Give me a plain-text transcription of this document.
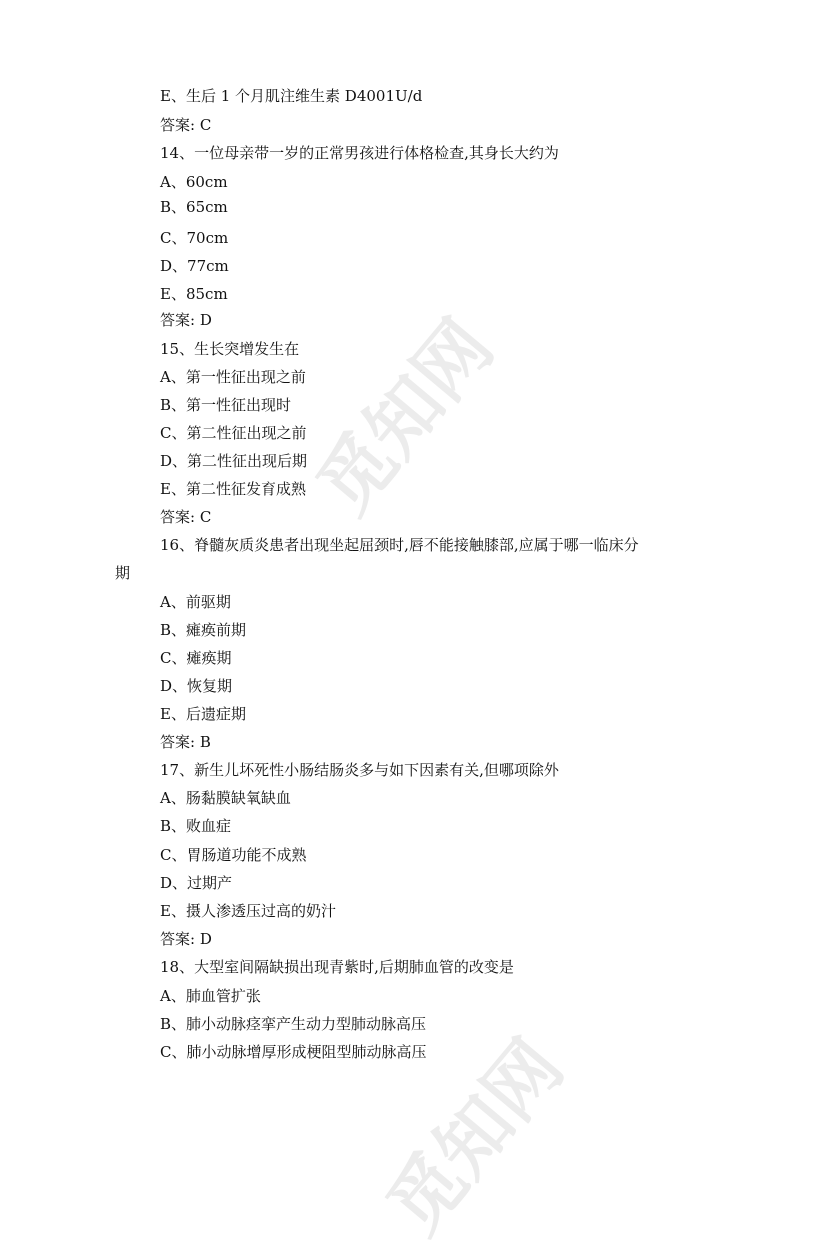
觅知网
觅知网
E、生后 1 个月肌注维生素 D4001U/d
答案: C
14、一位母亲带一岁的正常男孩进行体格检查,其身长大约为
A、60cm
B、65cm
C、70cm
D、77cm
E、85cm
答案: D
15、生长突增发生在
A、第一性征出现之前
B、第一性征出现时
C、第二性征出现之前
D、第二性征出现后期
E、第二性征发育成熟
答案: C
16、脊髓灰质炎患者出现坐起屈颈时,唇不能接触膝部,应属于哪一临床分
期
A、前驱期
B、瘫痪前期
C、瘫痪期
D、恢复期
E、后遗症期
答案: B
17、新生儿坏死性小肠结肠炎多与如下因素有关,但哪项除外
A、肠黏膜缺氧缺血
B、败血症
C、胃肠道功能不成熟
D、过期产
E、摄人渗透压过高的奶汁
答案: D
18、大型室间隔缺损出现青紫时,后期肺血管的改变是
A、肺血管扩张
B、肺小动脉痉挛产生动力型肺动脉高压
C、肺小动脉增厚形成梗阻型肺动脉高压
